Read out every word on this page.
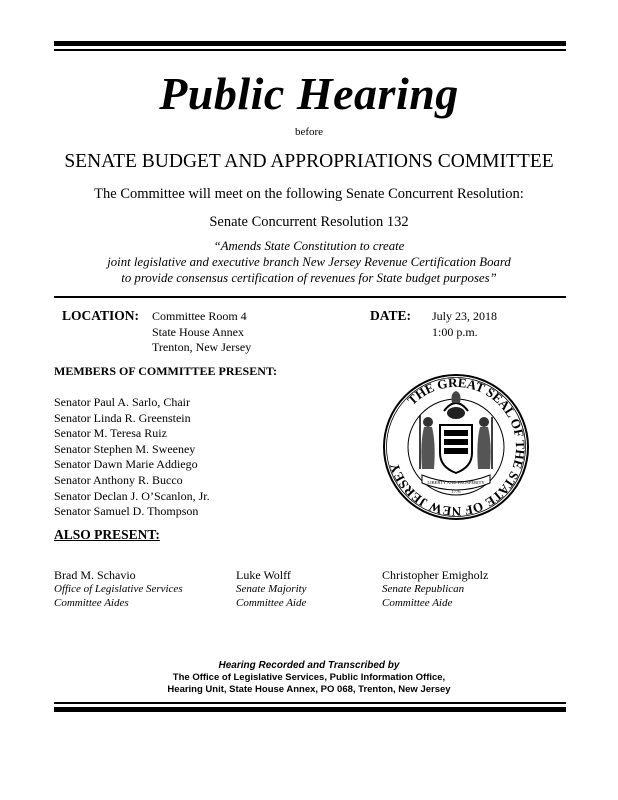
Public Hearing
before
SENATE BUDGET AND APPROPRIATIONS COMMITTEE
The Committee will meet on the following Senate Concurrent Resolution:
Senate Concurrent Resolution 132
“Amends State Constitution to create
joint legislative and executive branch New Jersey Revenue Certification Board
to provide consensus certification of revenues for State budget purposes”
LOCATION: Committee Room 4
State House Annex
Trenton, New Jersey
DATE: July 23, 2018
1:00 p.m.
MEMBERS OF COMMITTEE PRESENT:
Senator Paul A. Sarlo, Chair
Senator Linda R. Greenstein
Senator M. Teresa Ruiz
Senator Stephen M. Sweeney
Senator Dawn Marie Addiego
Senator Anthony R. Bucco
Senator Declan J. O’Scanlon, Jr.
Senator Samuel D. Thompson
THE GREAT SEAL OF THE STATE OF NEW JERSEY
LIBERTY AND PROSPERITY
1776
ALSO PRESENT:
Brad M. Schavio
Office of Legislative Services
Committee Aides
Luke Wolff
Senate Majority
Committee Aide
Christopher Emigholz
Senate Republican
Committee Aide
Hearing Recorded and Transcribed by
The Office of Legislative Services, Public Information Office,
Hearing Unit, State House Annex, PO 068, Trenton, New Jersey
